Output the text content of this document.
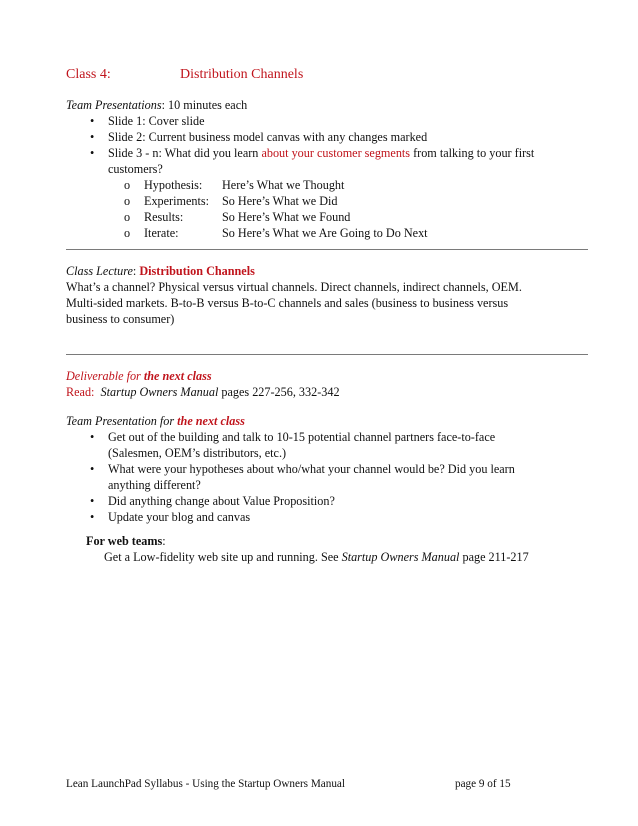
Class 4:	Distribution Channels
Team Presentations: 10 minutes each
• Slide 1: Cover slide
• Slide 2: Current business model canvas with any changes marked
• Slide 3 - n: What did you learn about your customer segments from talking to your first
customers?
o Hypothesis: Here’s What we Thought
o Experiments: So Here’s What we Did
o Results:	So Here’s What we Found
o Iterate:	So Here’s What we Are Going to Do Next
Class Lecture: Distribution Channels
What’s a channel? Physical versus virtual channels. Direct channels, indirect channels, OEM.
Multi-sided markets. B-to-B versus B-to-C channels and sales (business to business versus
business to consumer)
Deliverable for the next class
Read: Startup Owners Manual pages 227-256, 332-342
Team Presentation for the next class
• Get out of the building and talk to 10-15 potential channel partners face-to-face
(Salesmen, OEM’s distributors, etc.)
• What were your hypotheses about who/what your channel would be? Did you learn
anything different?
• Did anything change about Value Proposition?
• Update your blog and canvas
For web teams:
Get a Low-fidelity web site up and running. See Startup Owners Manual page 211-217
Lean LaunchPad Syllabus - Using the Startup Owners Manual	page 9 of 15
